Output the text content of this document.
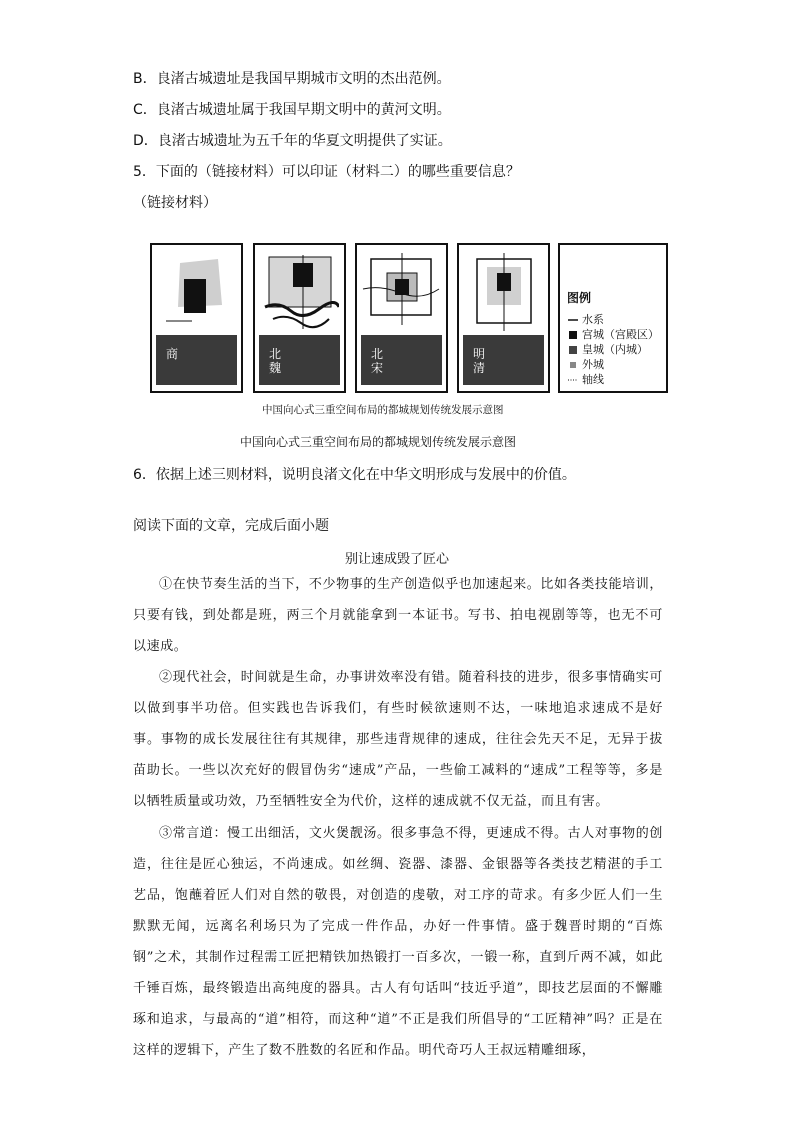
B．良渚古城遗址是我国早期城市文明的杰出范例。
C．良渚古城遗址属于我国早期文明中的黄河文明。
D．良渚古城遗址为五千年的华夏文明提供了实证。
5．下面的（链接材料）可以印证（材料二）的哪些重要信息？
（链接材料）
商	北魏
北宋
明清
图例
水系
宫城（宫殿区）
皇城（内城）
外城
轴线
中国向心式三重空间布局的都城规划传统发展示意图
中国向心式三重空间布局的都城规划传统发展示意图
6．依据上述三则材料，说明良渚文化在中华文明形成与发展中的价值。
阅读下面的文章，完成后面小题
别让速成毁了匠心
①在快节奏生活的当下，不少物事的生产创造似乎也加速起来。比如各类技能培训，只要有钱，到处都是班，两三个月就能拿到一本证书。写书、拍电视剧等等，也无不可以速成。
②现代社会，时间就是生命，办事讲效率没有错。随着科技的进步，很多事情确实可以做到事半功倍。但实践也告诉我们，有些时候欲速则不达，一味地追求速成不是好事。事物的成长发展往往有其规律，那些违背规律的速成，往往会先天不足，无异于拔苗助长。一些以次充好的假冒伪劣“速成”产品，一些偷工减料的“速成”工程等等，多是以牺牲质量或功效，乃至牺牲安全为代价，这样的速成就不仅无益，而且有害。
③常言道：慢工出细活，文火煲靓汤。很多事急不得，更速成不得。古人对事物的创造，往往是匠心独运，不尚速成。如丝绸、瓷器、漆器、金银器等各类技艺精湛的手工艺品，饱蘸着匠人们对自然的敬畏，对创造的虔敬，对工序的苛求。有多少匠人们一生默默无闻，远离名利场只为了完成一件作品，办好一件事情。盛于魏晋时期的“百炼钢”之术，其制作过程需工匠把精铁加热锻打一百多次，一锻一称，直到斤两不减，如此千锤百炼，最终锻造出高纯度的器具。古人有句话叫“技近乎道”，即技艺层面的不懈雕琢和追求，与最高的“道”相符，而这种“道”不正是我们所倡导的“工匠精神”吗？正是在这样的逻辑下，产生了数不胜数的名匠和作品。明代奇巧人王叔远精雕细琢，
